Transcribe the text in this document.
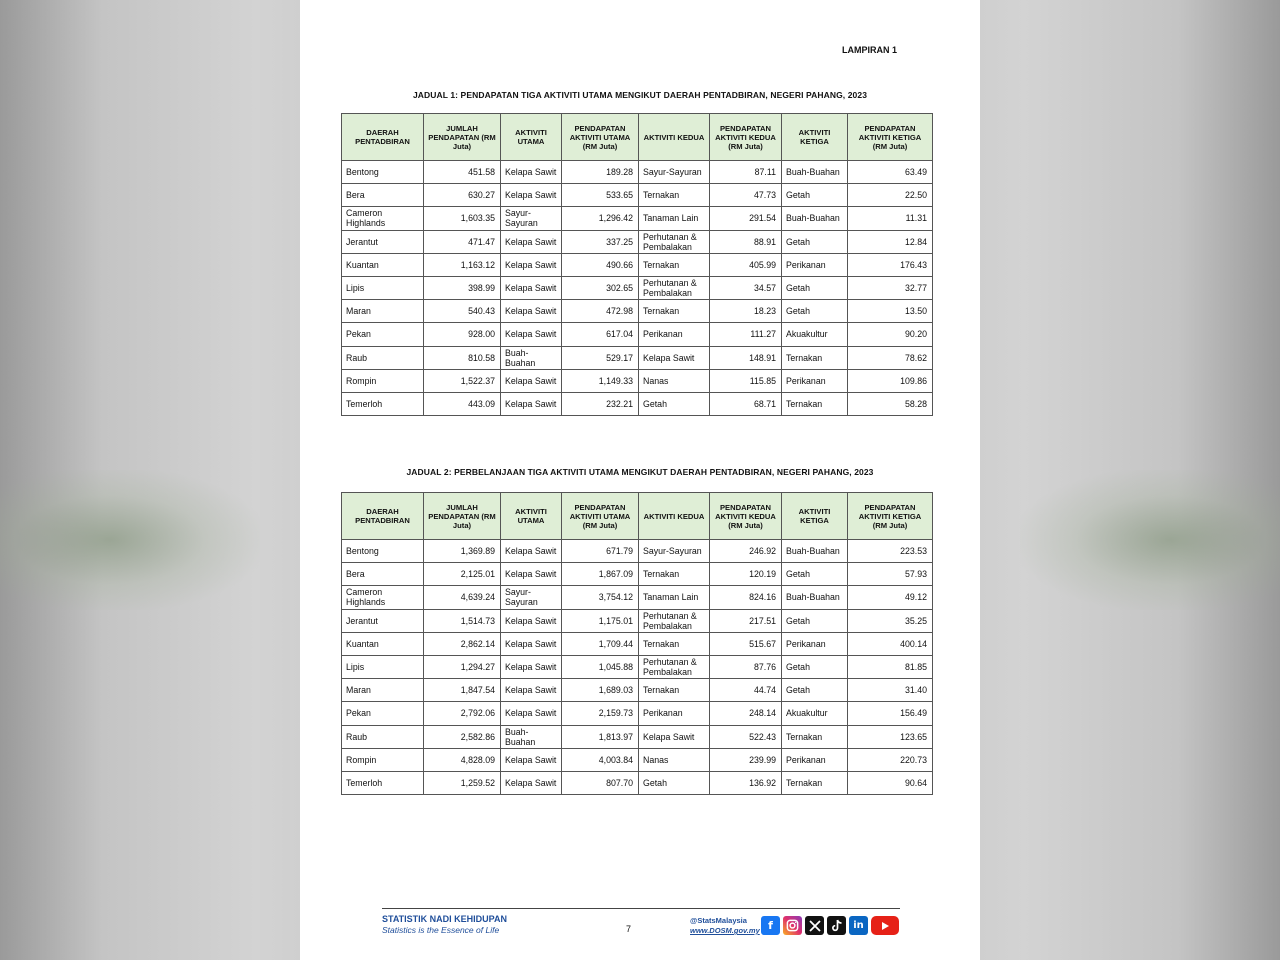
LAMPIRAN 1
JADUAL 1: PENDAPATAN TIGA AKTIVITI UTAMA MENGIKUT DAERAH PENTADBIRAN, NEGERI PAHANG, 2023
DAERAH PENTADBIRAN	JUMLAH PENDAPATAN (RM Juta)	AKTIVITI UTAMA	PENDAPATAN AKTIVITI UTAMA (RM Juta)	AKTIVITI KEDUA	PENDAPATAN AKTIVITI KEDUA (RM Juta)	AKTIVITI KETIGA	PENDAPATAN AKTIVITI KETIGA (RM Juta)
Bentong	451.58	Kelapa Sawit	189.28	Sayur-Sayuran	87.11	Buah-Buahan	63.49
Bera	630.27	Kelapa Sawit	533.65	Ternakan	47.73	Getah	22.50
Cameron Highlands	1,603.35	Sayur-Sayuran	1,296.42	Tanaman Lain	291.54	Buah-Buahan	11.31
Jerantut	471.47	Kelapa Sawit	337.25	Perhutanan & Pembalakan	88.91	Getah	12.84
Kuantan	1,163.12	Kelapa Sawit	490.66	Ternakan	405.99	Perikanan	176.43
Lipis	398.99	Kelapa Sawit	302.65	Perhutanan & Pembalakan	34.57	Getah	32.77
Maran	540.43	Kelapa Sawit	472.98	Ternakan	18.23	Getah	13.50
Pekan	928.00	Kelapa Sawit	617.04	Perikanan	111.27	Akuakultur	90.20
Raub	810.58	Buah-Buahan	529.17	Kelapa Sawit	148.91	Ternakan	78.62
Rompin	1,522.37	Kelapa Sawit	1,149.33	Nanas	115.85	Perikanan	109.86
Temerloh	443.09	Kelapa Sawit	232.21	Getah	68.71	Ternakan	58.28
JADUAL 2: PERBELANJAAN TIGA AKTIVITI UTAMA MENGIKUT DAERAH PENTADBIRAN, NEGERI PAHANG, 2023
DAERAH PENTADBIRAN	JUMLAH PENDAPATAN (RM Juta)	AKTIVITI UTAMA	PENDAPATAN AKTIVITI UTAMA (RM Juta)	AKTIVITI KEDUA	PENDAPATAN AKTIVITI KEDUA (RM Juta)	AKTIVITI KETIGA	PENDAPATAN AKTIVITI KETIGA (RM Juta)
Bentong	1,369.89	Kelapa Sawit	671.79	Sayur-Sayuran	246.92	Buah-Buahan	223.53
Bera	2,125.01	Kelapa Sawit	1,867.09	Ternakan	120.19	Getah	57.93
Cameron Highlands	4,639.24	Sayur-Sayuran	3,754.12	Tanaman Lain	824.16	Buah-Buahan	49.12
Jerantut	1,514.73	Kelapa Sawit	1,175.01	Perhutanan & Pembalakan	217.51	Getah	35.25
Kuantan	2,862.14	Kelapa Sawit	1,709.44	Ternakan	515.67	Perikanan	400.14
Lipis	1,294.27	Kelapa Sawit	1,045.88	Perhutanan & Pembalakan	87.76	Getah	81.85
Maran	1,847.54	Kelapa Sawit	1,689.03	Ternakan	44.74	Getah	31.40
Pekan	2,792.06	Kelapa Sawit	2,159.73	Perikanan	248.14	Akuakultur	156.49
Raub	2,582.86	Buah-Buahan	1,813.97	Kelapa Sawit	522.43	Ternakan	123.65
Rompin	4,828.09	Kelapa Sawit	4,003.84	Nanas	239.99	Perikanan	220.73
Temerloh	1,259.52	Kelapa Sawit	807.70	Getah	136.92	Ternakan	90.64
STATISTIK NADI KEHIDUPAN
Statistics is the Essence of Life	7
@StatsMalaysia
www.DOSM.gov.my f	in
